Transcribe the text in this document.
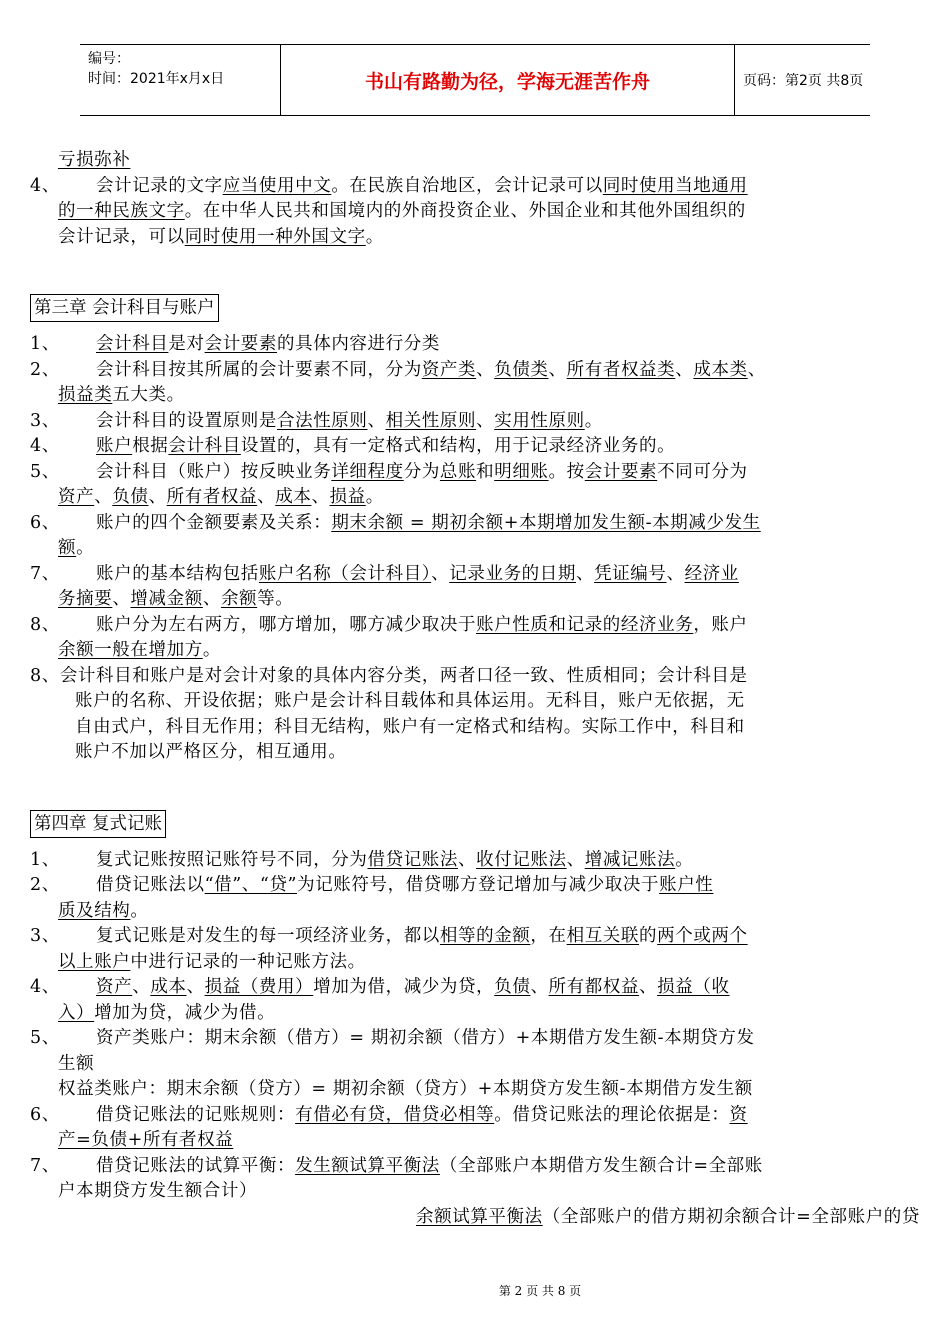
编号：
时间：2021年x月x日	书山有路勤为径，学海无涯苦作舟	页码：第2页 共8页
亏损弥补
4、 会计记录的文字应当使用中文。在民族自治地区，会计记录可以同时使用当地通用
的一种民族文字。在中华人民共和国境内的外商投资企业、外国企业和其他外国组织的
会计记录，可以同时使用一种外国文字。
第三章 会计科目与账户
1、 会计科目是对会计要素的具体内容进行分类
2、 会计科目按其所属的会计要素不同，分为资产类、负债类、所有者权益类、成本类、
损益类五大类。
3、 会计科目的设置原则是合法性原则、相关性原则、实用性原则。
4、 账户根据会计科目设置的，具有一定格式和结构，用于记录经济业务的。
5、 会计科目（账户）按反映业务详细程度分为总账和明细账。按会计要素不同可分为
资产、负债、所有者权益、成本、损益。
6、 账户的四个金额要素及关系：期末余额 = 期初余额+本期增加发生额-本期减少发生
额。
7、 账户的基本结构包括账户名称（会计科目）、记录业务的日期、凭证编号、经济业
务摘要、增减金额、余额等。
8、 账户分为左右两方，哪方增加，哪方减少取决于账户性质和记录的经济业务，账户
余额一般在增加方。
8、会计科目和账户是对会计对象的具体内容分类，两者口径一致、性质相同；会计科目是
账户的名称、开设依据；账户是会计科目载体和具体运用。无科目，账户无依据，无
自由式户，科目无作用；科目无结构，账户有一定格式和结构。实际工作中，科目和
账户不加以严格区分，相互通用。
第四章 复式记账
1、 复式记账按照记账符号不同，分为借贷记账法、收付记账法、增减记账法。
2、 借贷记账法以“借”、“贷”为记账符号，借贷哪方登记增加与减少取决于账户性
质及结构。
3、 复式记账是对发生的每一项经济业务，都以相等的金额，在相互关联的两个或两个
以上账户中进行记录的一种记账方法。
4、 资产、成本、损益（费用）增加为借，减少为贷，负债、所有都权益、损益（收
入）增加为贷，减少为借。
5、 资产类账户：期末余额（借方）= 期初余额（借方）+本期借方发生额-本期贷方发
生额
权益类账户：期末余额（贷方）= 期初余额（贷方）+本期贷方发生额-本期借方发生额
6、 借贷记账法的记账规则：有借必有贷，借贷必相等。借贷记账法的理论依据是：资
产=负债+所有者权益
7、 借贷记账法的试算平衡：发生额试算平衡法（全部账户本期借方发生额合计=全部账
户本期贷方发生额合计）
余额试算平衡法（全部账户的借方期初余额合计=全部账户的贷
第 2 页 共 8 页
